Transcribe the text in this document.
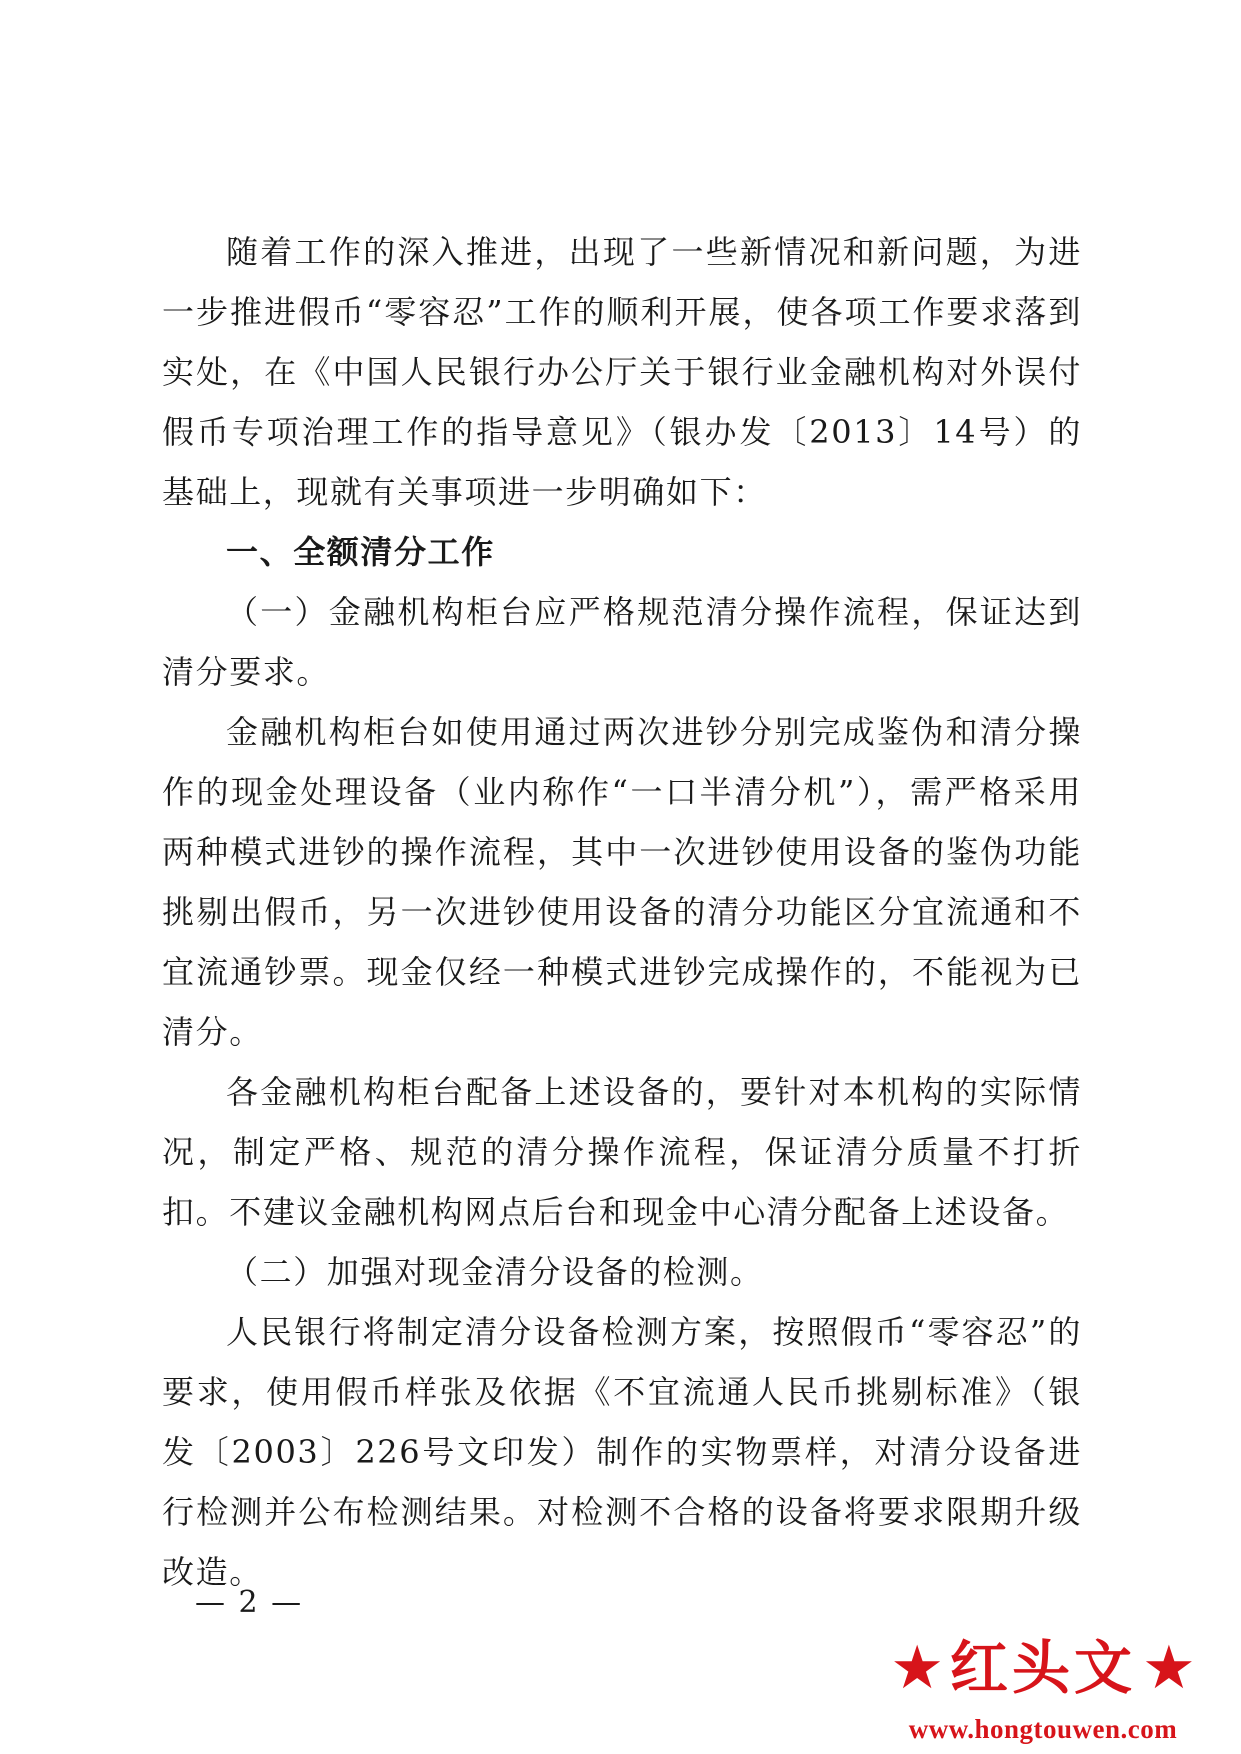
随着工作的深入推进，出现了一些新情况和新问题，为进一步推进假币“零容忍”工作的顺利开展，使各项工作要求落到实处，在《中国人民银行办公厅关于银行业金融机构对外误付假币专项治理工作的指导意见》（银办发〔2013〕14号）的基础上，现就有关事项进一步明确如下：

一、全额清分工作

（一）金融机构柜台应严格规范清分操作流程，保证达到清分要求。

金融机构柜台如使用通过两次进钞分别完成鉴伪和清分操作的现金处理设备（业内称作“一口半清分机”），需严格采用两种模式进钞的操作流程，其中一次进钞使用设备的鉴伪功能挑剔出假币，另一次进钞使用设备的清分功能区分宜流通和不宜流通钞票。现金仅经一种模式进钞完成操作的，不能视为已清分。

各金融机构柜台配备上述设备的，要针对本机构的实际情况，制定严格、规范的清分操作流程，保证清分质量不打折扣。不建议金融机构网点后台和现金中心清分配备上述设备。

（二）加强对现金清分设备的检测。

人民银行将制定清分设备检测方案，按照假币“零容忍”的要求，使用假币样张及依据《不宜流通人民币挑剔标准》（银发〔2003〕226号文印发）制作的实物票样，对清分设备进行检测并公布检测结果。对检测不合格的设备将要求限期升级改造。

— 2 —
★ 红头文 ★
www.hongtouwen.com
